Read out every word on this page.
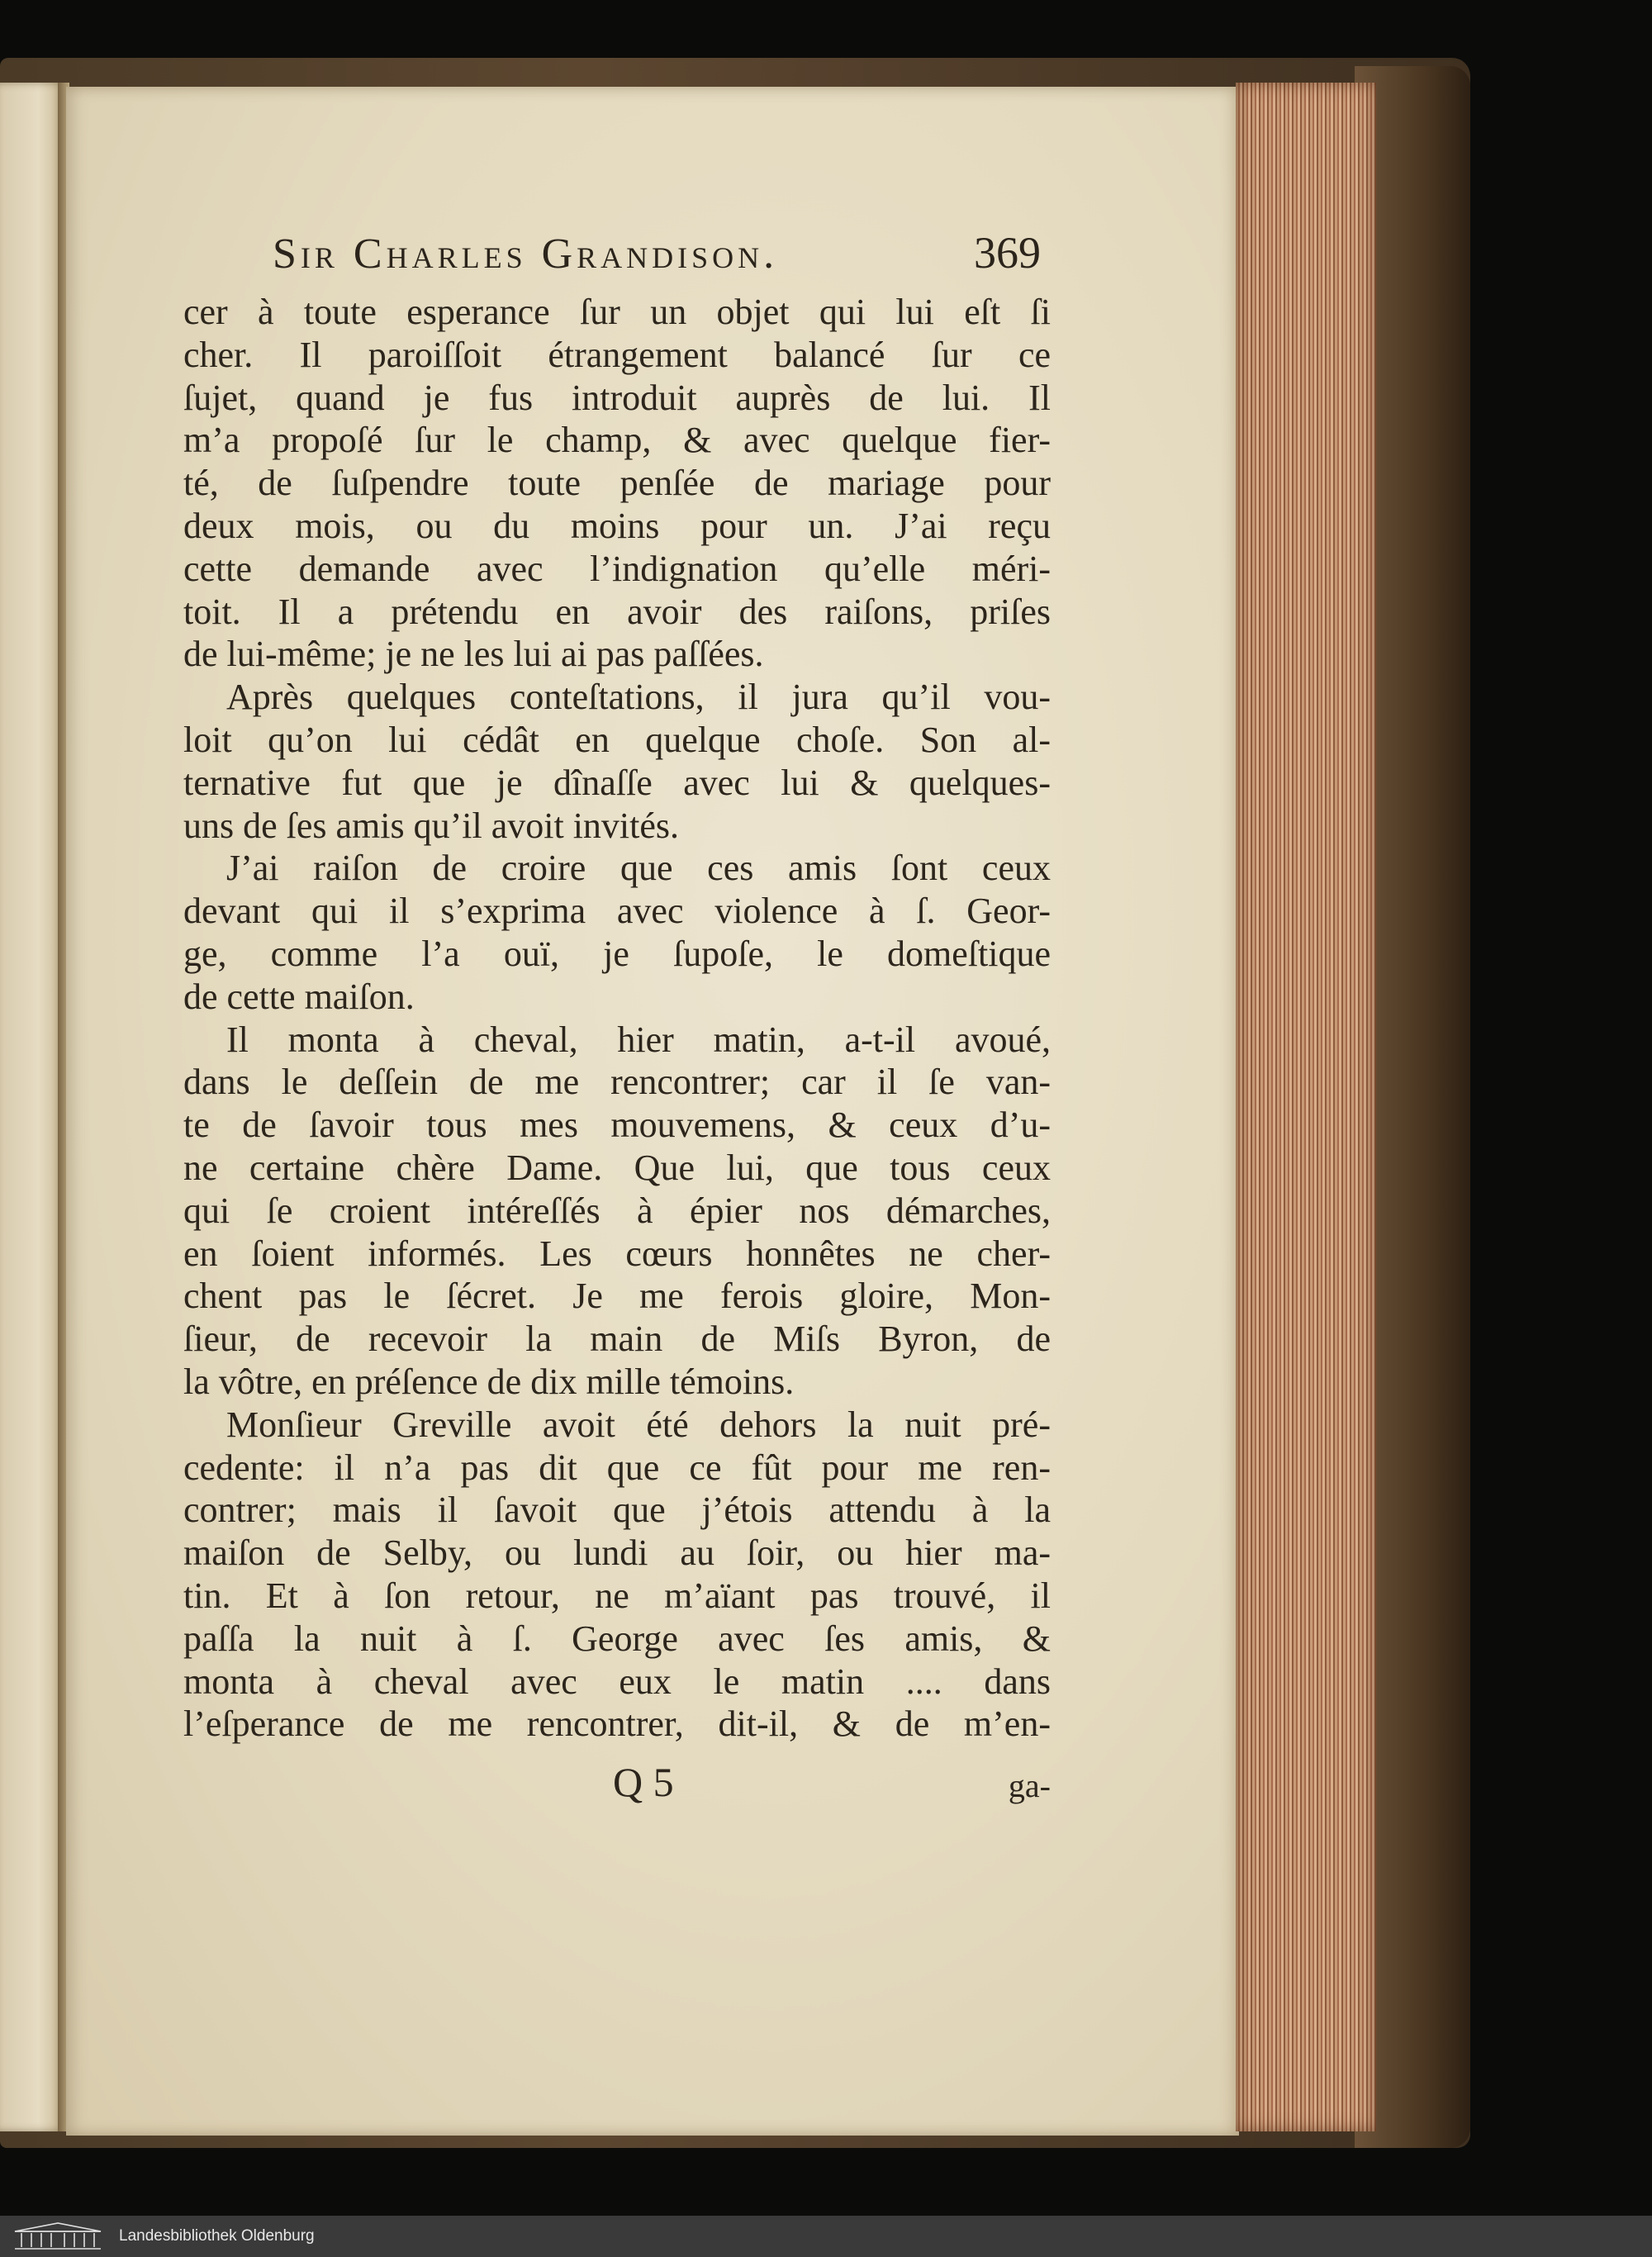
Sir Charles Grandison.	369
cer à toute esperance ſur un objet qui lui eſt ſi
cher. Il paroiſſoit étrangement balancé ſur ce
ſujet, quand je fus introduit auprès de lui. Il
m’a propoſé ſur le champ, & avec quelque fier-
té, de ſuſpendre toute penſée de mariage pour
deux mois, ou du moins pour un. J’ai reçu
cette demande avec l’indignation qu’elle méri-
toit. Il a prétendu en avoir des raiſons, priſes
de lui-même; je ne les lui ai pas paſſées.
Après quelques conteſtations, il jura qu’il vou-
loit qu’on lui cédât en quelque choſe. Son al-
ternative fut que je dînaſſe avec lui & quelques-
uns de ſes amis qu’il avoit invités.
J’ai raiſon de croire que ces amis ſont ceux
devant qui il s’exprima avec violence à ſ. Geor-
ge, comme l’a ouï, je ſupoſe, le domeſtique
de cette maiſon.
Il monta à cheval, hier matin, a-t-il avoué,
dans le deſſein de me rencontrer; car il ſe van-
te de ſavoir tous mes mouvemens, & ceux d’u-
ne certaine chère Dame. Que lui, que tous ceux
qui ſe croient intéreſſés à épier nos démarches,
en ſoient informés. Les cœurs honnêtes ne cher-
chent pas le ſécret. Je me ferois gloire, Mon-
ſieur, de recevoir la main de Miſs Byron, de
la vôtre, en préſence de dix mille témoins.
Monſieur Greville avoit été dehors la nuit pré-
cedente: il n’a pas dit que ce fût pour me ren-
contrer; mais il ſavoit que j’étois attendu à la
maiſon de Selby, ou lundi au ſoir, ou hier ma-
tin. Et à ſon retour, ne m’aïant pas trouvé, il
paſſa la nuit à ſ. George avec ſes amis, &
monta à cheval avec eux le matin .... dans
l’eſperance de me rencontrer, dit-il, & de m’en-
Q 5	ga-
Landesbibliothek Oldenburg
